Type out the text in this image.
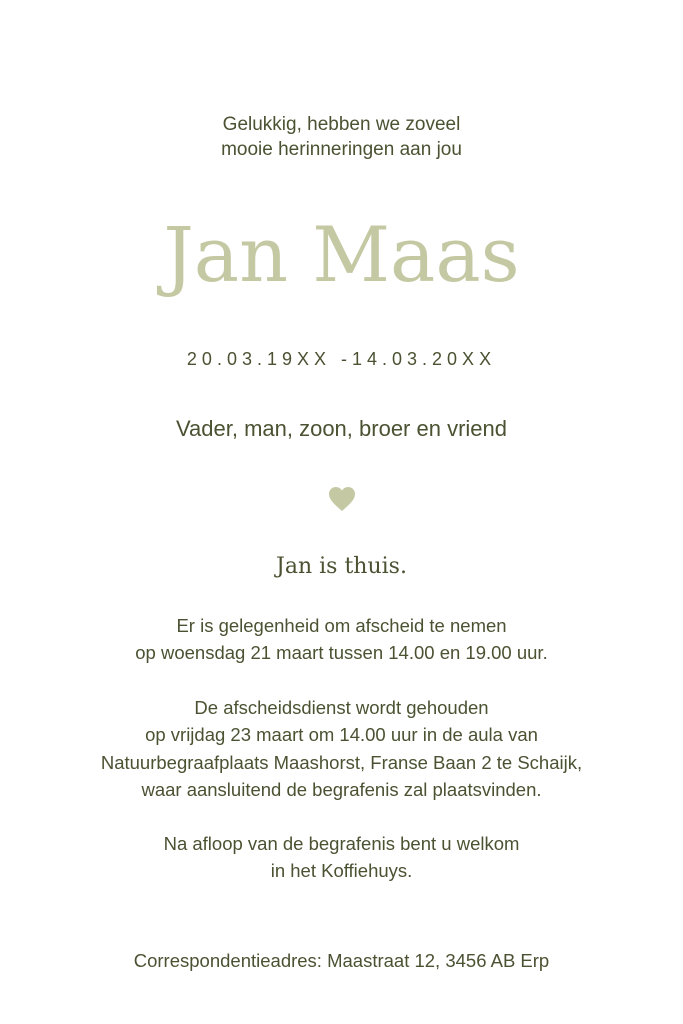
Gelukkig, hebben we zoveel
mooie herinneringen aan jou
Jan Maas
20.03.19XX -14.03.20XX
Vader, man, zoon, broer en vriend
Jan is thuis.
Er is gelegenheid om afscheid te nemen
op woensdag 21 maart tussen 14.00 en 19.00 uur.
De afscheidsdienst wordt gehouden
op vrijdag 23 maart om 14.00 uur in de aula van
Natuurbegraafplaats Maashorst, Franse Baan 2 te Schaijk,
waar aansluitend de begrafenis zal plaatsvinden.
Na afloop van de begrafenis bent u welkom
in het Koffiehuys.
Correspondentieadres: Maastraat 12, 3456 AB Erp
